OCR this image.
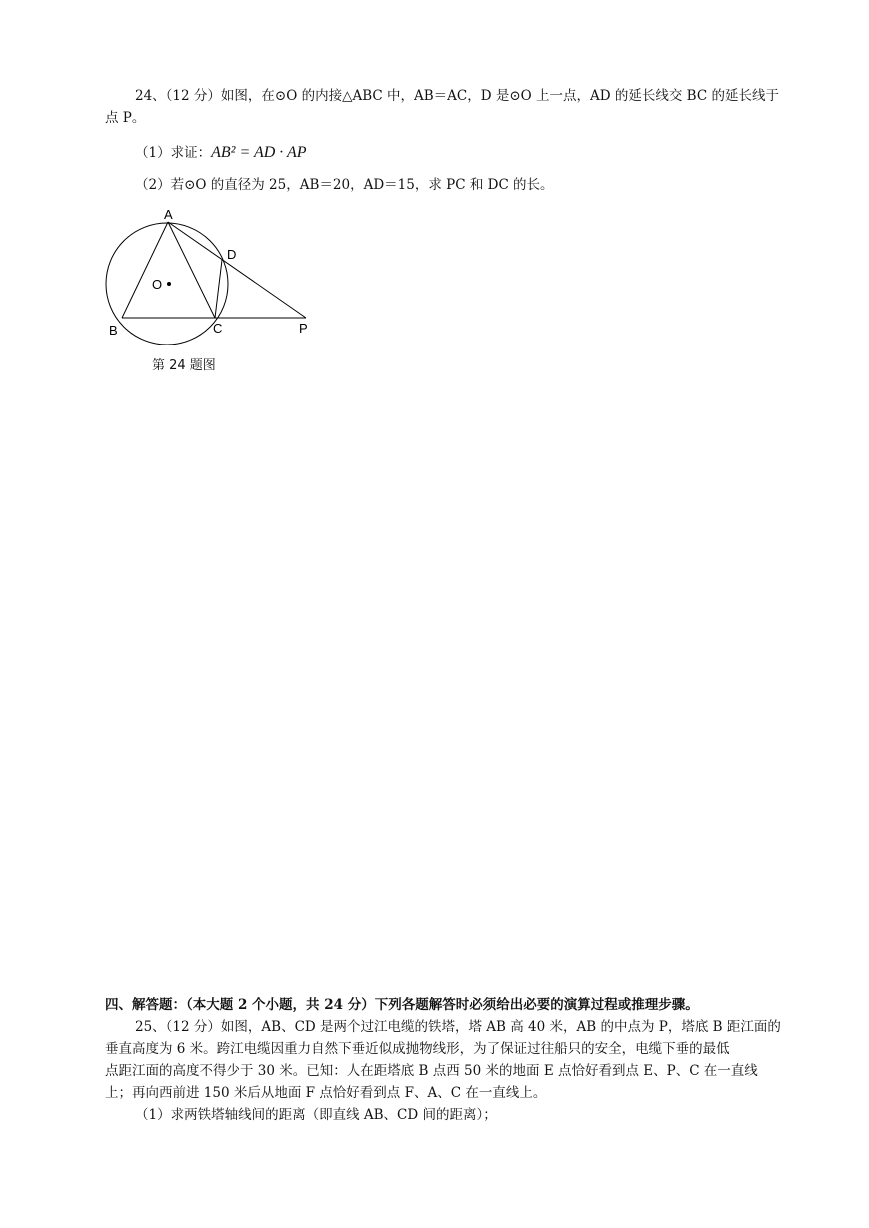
24、（12 分）如图，在⊙O 的内接△ABC 中，AB＝AC，D 是⊙O 上一点，AD 的延长线交 BC 的延长线于
点 P。
（1）求证：AB² = AD · AP
（2）若⊙O 的直径为 25，AB＝20，AD＝15，求 PC 和 DC 的长。
A
D
O
B	C	P
第 24 题图
四、解答题：（本大题 2 个小题，共 24 分）下列各题解答时必须给出必要的演算过程或推理步骤。
25、（12 分）如图，AB、CD 是两个过江电缆的铁塔，塔 AB 高 40 米，AB 的中点为 P，塔底 B 距江面的
垂直高度为 6 米。跨江电缆因重力自然下垂近似成抛物线形，为了保证过往船只的安全，电缆下垂的最低
点距江面的高度不得少于 30 米。已知：人在距塔底 B 点西 50 米的地面 E 点恰好看到点 E、P、C 在一直线
上；再向西前进 150 米后从地面 F 点恰好看到点 F、A、C 在一直线上。
（1）求两铁塔轴线间的距离（即直线 AB、CD 间的距离）；
